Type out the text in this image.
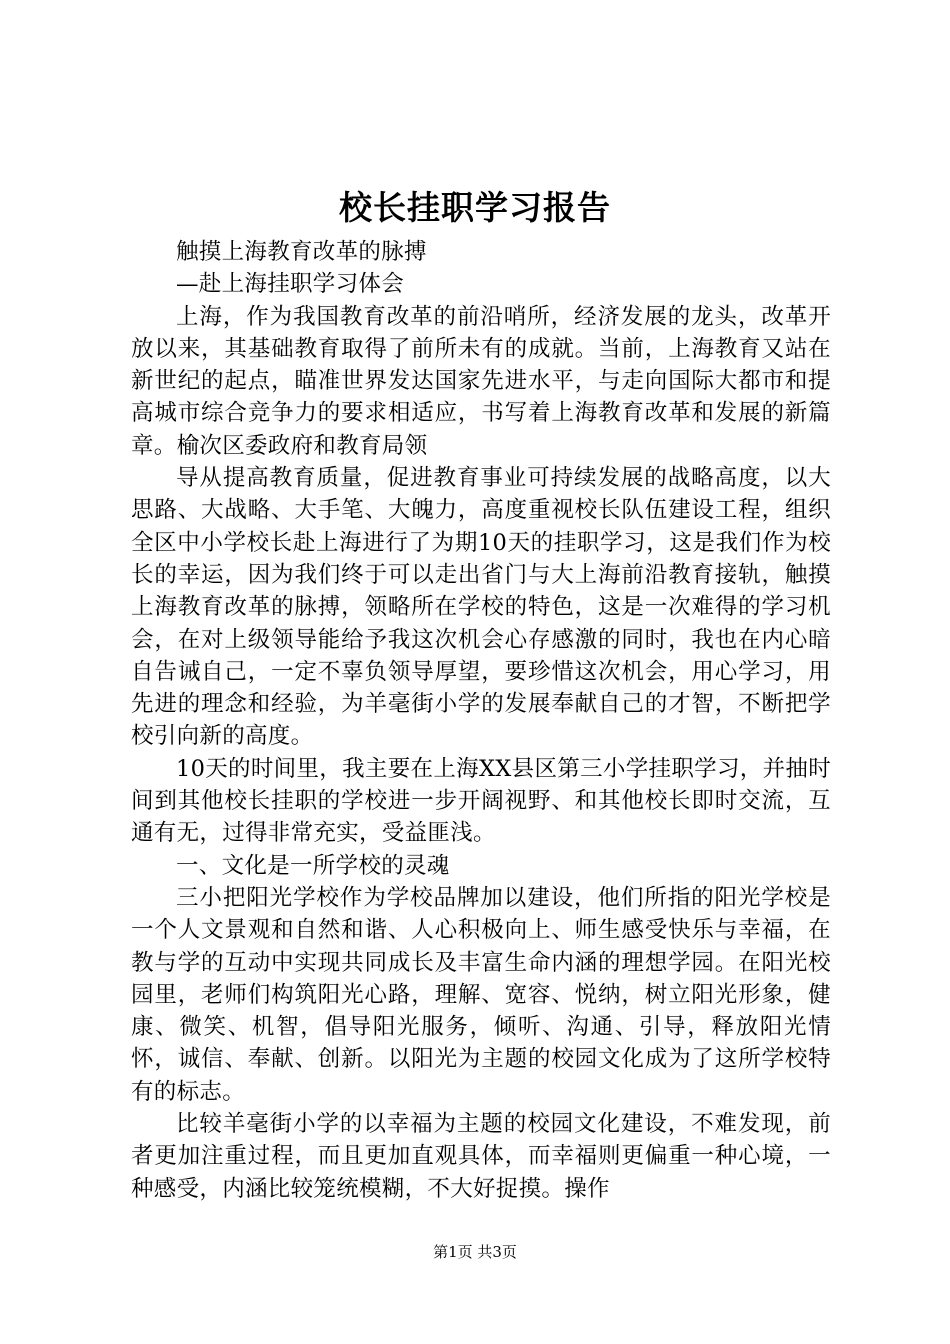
校长挂职学习报告

触摸上海教育改革的脉搏

—赴上海挂职学习体会

上海，作为我国教育改革的前沿哨所，经济发展的龙头，改革开放以来，其基础教育取得了前所未有的成就。当前，上海教育又站在新世纪的起点，瞄准世界发达国家先进水平，与走向国际大都市和提高城市综合竞争力的要求相适应，书写着上海教育改革和发展的新篇章。榆次区委政府和教育局领

导从提高教育质量，促进教育事业可持续发展的战略高度，以大思路、大战略、大手笔、大魄力，高度重视校长队伍建设工程，组织全区中小学校长赴上海进行了为期10天的挂职学习，这是我们作为校长的幸运，因为我们终于可以走出省门与大上海前沿教育接轨，触摸上海教育改革的脉搏，领略所在学校的特色，这是一次难得的学习机会，在对上级领导能给予我这次机会心存感激的同时，我也在内心暗自告诫自己，一定不辜负领导厚望，要珍惜这次机会，用心学习，用先进的理念和经验，为羊毫街小学的发展奉献自己的才智，不断把学校引向新的高度。

10天的时间里，我主要在上海XX县区第三小学挂职学习，并抽时间到其他校长挂职的学校进一步开阔视野、和其他校长即时交流，互通有无，过得非常充实，受益匪浅。

一、文化是一所学校的灵魂

三小把阳光学校作为学校品牌加以建设，他们所指的阳光学校是一个人文景观和自然和谐、人心积极向上、师生感受快乐与幸福，在教与学的互动中实现共同成长及丰富生命内涵的理想学园。在阳光校园里，老师们构筑阳光心路，理解、宽容、悦纳，树立阳光形象，健康、微笑、机智，倡导阳光服务，倾听、沟通、引导，释放阳光情怀，诚信、奉献、创新。以阳光为主题的校园文化成为了这所学校特有的标志。

比较羊毫街小学的以幸福为主题的校园文化建设，不难发现，前者更加注重过程，而且更加直观具体，而幸福则更偏重一种心境，一种感受，内涵比较笼统模糊，不大好捉摸。操作

第1页 共3页
